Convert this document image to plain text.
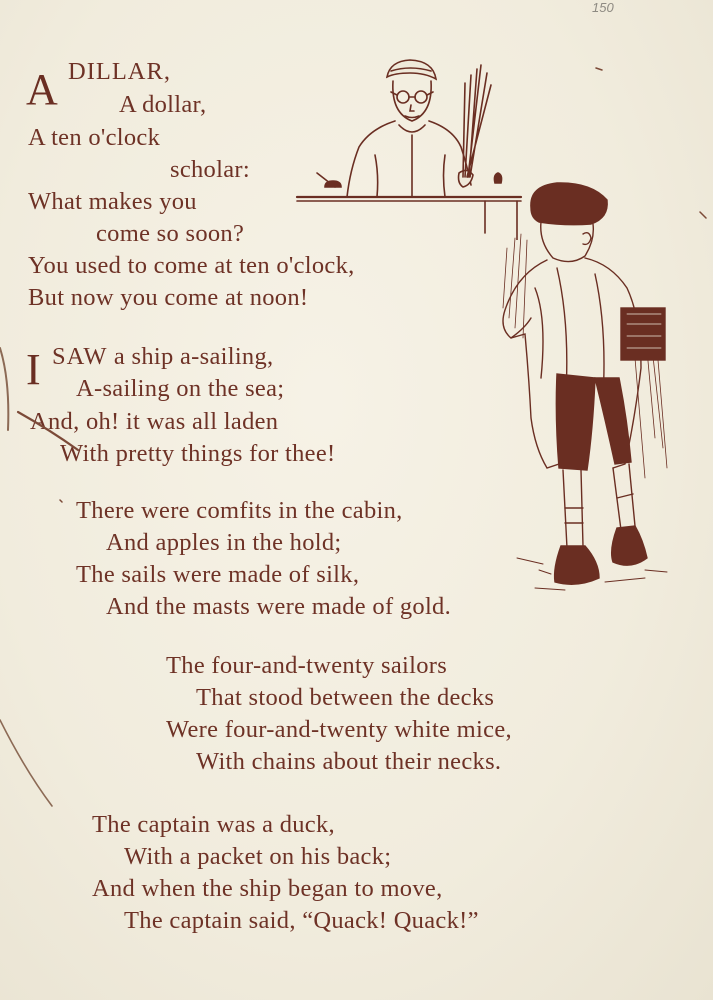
150
A DILLAR,
A dollar,
A ten o'clock
scholar:
What makes you
come so soon?
You used to come at ten o'clock,
But now you come at noon!
I SAW a ship a-sailing,
A-sailing on the sea;
And, oh! it was all laden
With pretty things for thee!
There were comfits in the cabin,
And apples in the hold;
The sails were made of silk,
And the masts were made of gold.
The four-and-twenty sailors
That stood between the decks
Were four-and-twenty white mice,
With chains about their necks.
The captain was a duck,
With a packet on his back;
And when the ship began to move,
The captain said, “Quack! Quack!”
